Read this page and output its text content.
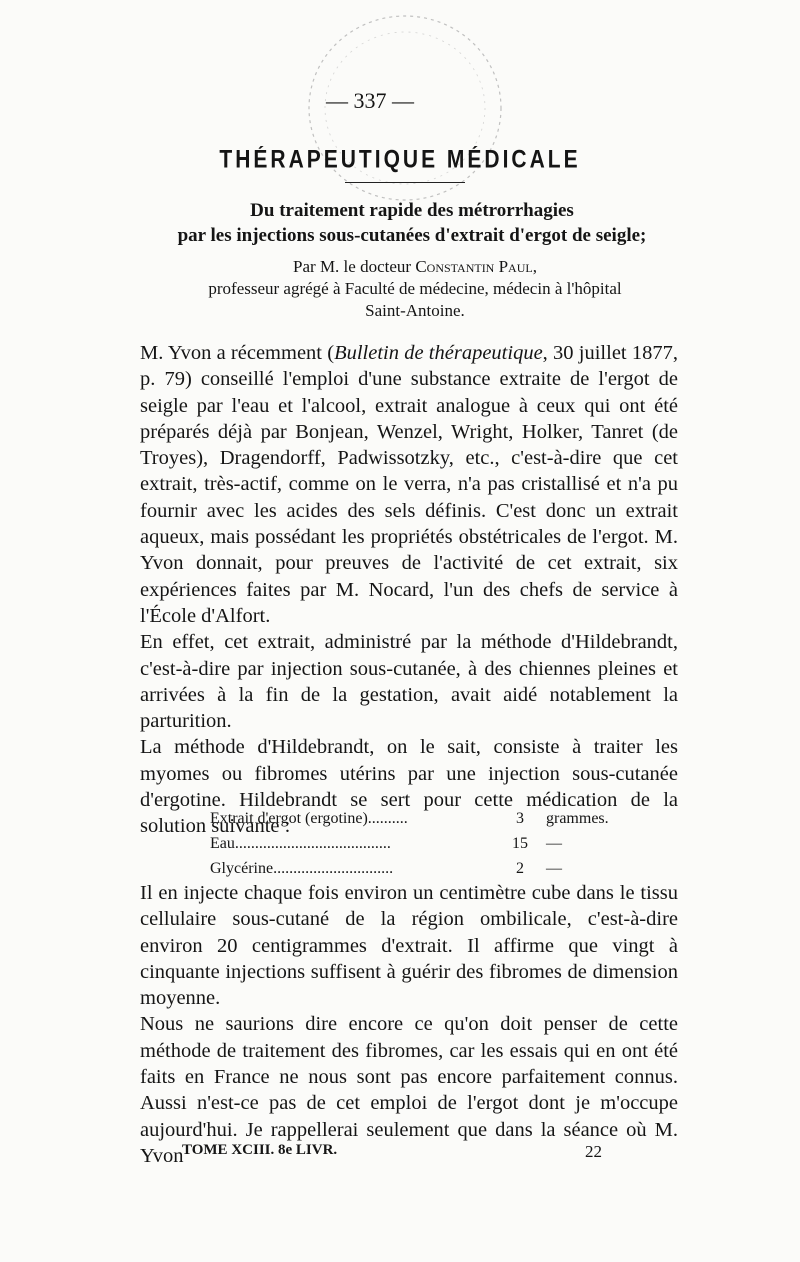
— 337 —
THÉRAPEUTIQUE MÉDICALE
Du traitement rapide des métrorrhagies
par les injections sous-cutanées d'extrait d'ergot de seigle;
Par M. le docteur Constantin Paul,
professeur agrégé à Faculté de médecine, médecin à l'hôpital
Saint-Antoine.

M. Yvon a récemment (Bulletin de thérapeutique, 30 juillet 1877, p. 79) conseillé l'emploi d'une substance extraite de l'ergot de seigle par l'eau et l'alcool, extrait analogue à ceux qui ont été préparés déjà par Bonjean, Wenzel, Wright, Holker, Tanret (de Troyes), Dragendorff, Padwissotzky, etc., c'est-à-dire que cet extrait, très-actif, comme on le verra, n'a pas cristallisé et n'a pu fournir avec les acides des sels définis. C'est donc un extrait aqueux, mais possédant les propriétés obstétricales de l'ergot. M. Yvon donnait, pour preuves de l'activité de cet extrait, six expériences faites par M. Nocard, l'un des chefs de service à l'École d'Alfort.

En effet, cet extrait, administré par la méthode d'Hildebrandt, c'est-à-dire par injection sous-cutanée, à des chiennes pleines et arrivées à la fin de la gestation, avait aidé notablement la parturition.

La méthode d'Hildebrandt, on le sait, consiste à traiter les myomes ou fibromes utérins par une injection sous-cutanée d'ergotine. Hildebrandt se sert pour cette médication de la solution suivante :

Extrait d'ergot (ergotine)..........	3	grammes.
Eau.......................................	15	—
Glycérine..............................	2	—

Il en injecte chaque fois environ un centimètre cube dans le tissu cellulaire sous-cutané de la région ombilicale, c'est-à-dire environ 20 centigrammes d'extrait. Il affirme que vingt à cinquante injections suffisent à guérir des fibromes de dimension moyenne.

Nous ne saurions dire encore ce qu'on doit penser de cette méthode de traitement des fibromes, car les essais qui en ont été faits en France ne nous sont pas encore parfaitement connus. Aussi n'est-ce pas de cet emploi de l'ergot dont je m'occupe aujourd'hui. Je rappellerai seulement que dans la séance où M. Yvon

TOME XCIII. 8e LIVR.	22
